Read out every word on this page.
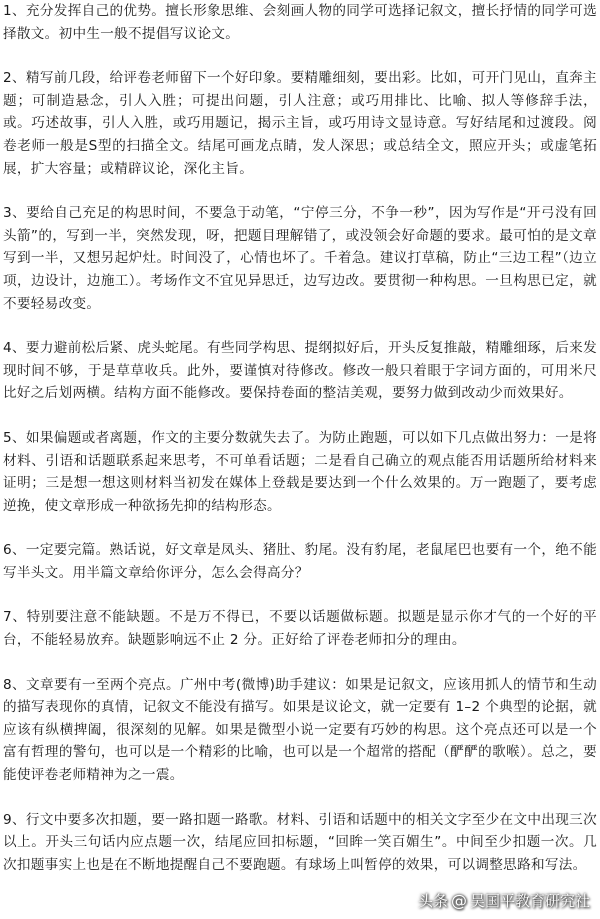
1、充分发挥自己的优势。擅长形象思维、会刻画人物的同学可选择记叙文，擅长抒情的同学可选择散文。初中生一般不提倡写议论文。

2、精写前几段，给评卷老师留下一个好印象。要精雕细刻，要出彩。比如，可开门见山，直奔主题；可制造悬念，引人入胜；可提出问题，引人注意；或巧用排比、比喻、拟人等修辞手法，或。巧述故事，引人入胜，或巧用题记，揭示主旨，或巧用诗文显诗意。写好结尾和过渡段。阅卷老师一般是S型的扫描全文。结尾可画龙点睛，发人深思；或总结全文，照应开头；或虚笔拓展，扩大容量；或精辟议论，深化主旨。

3、要给自己充足的构思时间，不要急于动笔，“宁停三分，不争一秒”，因为写作是“开弓没有回头箭”的，写到一半，突然发现，呀，把题目理解错了，或没领会好命题的要求。最可怕的是文章写到一半，又想另起炉灶。时间没了，心情也坏了。千着急。建议打草稿，防止“三边工程”（边立项，边设计，边施工）。考场作文不宜见异思迁，边写边改。要贯彻一种构思。一旦构思已定，就不要轻易改变。

4、要力避前松后紧、虎头蛇尾。有些同学构思、提纲拟好后，开头反复推敲，精雕细琢，后来发现时间不够，于是草草收兵。此外，要谨慎对待修改。修改一般只着眼于字词方面的，可用米尺比好之后划两横。结构方面不能修改。要保持卷面的整洁美观，要努力做到改动少而效果好。

5、如果偏题或者离题，作文的主要分数就失去了。为防止跑题，可以如下几点做出努力：一是将材料、引语和话题联系起来思考，不可单看话题；二是看自己确立的观点能否用话题所给材料来证明；三是想一想这则材料当初发在媒体上登载是要达到一个什么效果的。万一跑题了，要考虑逆挽，使文章形成一种欲扬先抑的结构形态。

6、一定要完篇。熟话说，好文章是凤头、猪肚、豹尾。没有豹尾，老鼠尾巴也要有一个，绝不能写半头文。用半篇文章给你评分，怎么会得高分？

7、特别要注意不能缺题。不是万不得已，不要以话题做标题。拟题是显示你才气的一个好的平台，不能轻易放弃。缺题影响远不止 2 分。正好给了评卷老师扣分的理由。

8、文章要有一至两个亮点。广州中考(微博)助手建议：如果是记叙文，应该用抓人的情节和生动的描写表现你的真情，记叙文不能没有描写。如果是议论文，就一定要有 1–2 个典型的论据，就应该有纵横捭阖，很深刻的见解。如果是微型小说一定要有巧妙的构思。这个亮点还可以是一个富有哲理的警句，也可以是一个精彩的比喻，也可以是一个超常的搭配（酽酽的歌喉）。总之，要能使评卷老师精神为之一震。

9、行文中要多次扣题，要一路扣题一路歌。材料、引语和话题中的相关文字至少在文中出现三次以上。开头三句话内应点题一次，结尾应回扣标题，“回眸一笑百媚生”。中间至少扣题一次。几次扣题事实上也是在不断地提醒自己不要跑题。有球场上叫暂停的效果，可以调整思路和写法。

头条 @ 吴国平教育研究社
